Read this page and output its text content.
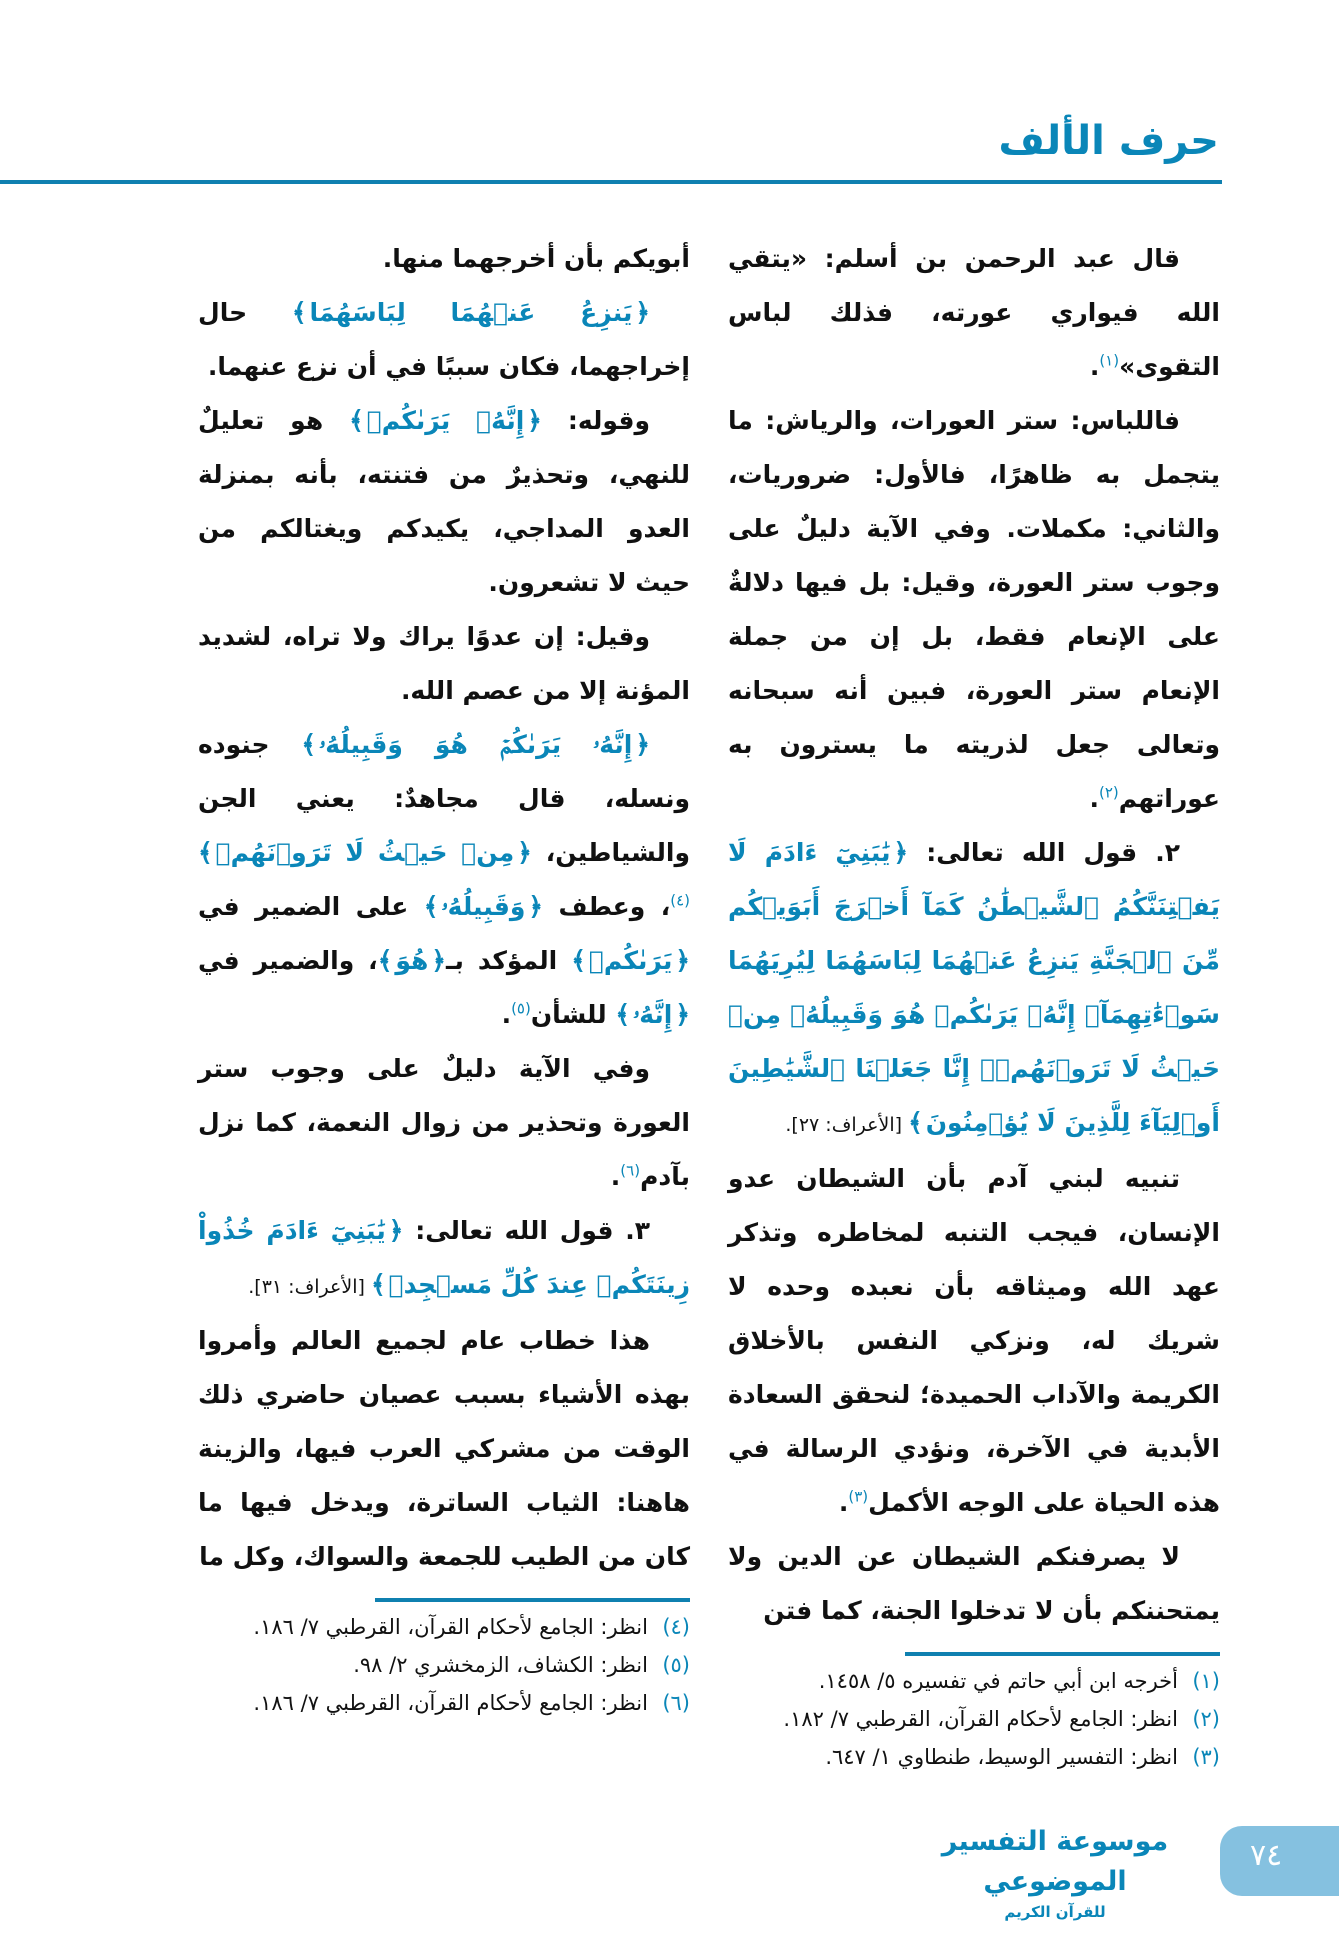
حرف الألف

قال عبد الرحمن بن أسلم: «يتقي الله فيواري عورته، فذلك لباس التقوى»$^{(١)}$.

فاللباس: ستر العورات، والرياش: ما يتجمل به ظاهرًا، فالأول: ضروريات، والثاني: مكملات. وفي الآية دليلٌ على وجوب ستر العورة، وقيل: بل فيها دلالةٌ على الإنعام فقط، بل إن من جملة الإنعام ستر العورة، فبين أنه سبحانه وتعالى جعل لذريته ما يسترون به عوراتهم$^{(٢)}$.

٢. قول الله تعالى: ﴿ يَٰبَنِيٓ ءَادَمَ لَا يَفۡتِنَنَّكُمُ ٱلشَّيۡطَٰنُ كَمَآ أَخۡرَجَ أَبَوَيۡكُم مِّنَ ٱلۡجَنَّةِ يَنزِعُ عَنۡهُمَا لِبَاسَهُمَا لِيُرِيَهُمَا سَوۡءَٰتِهِمَآۚ إِنَّهُۥ يَرَىٰكُمۡ هُوَ وَقَبِيلُهُۥ مِنۡ حَيۡثُ لَا تَرَوۡنَهُمۡۗ إِنَّا جَعَلۡنَا ٱلشَّيَٰطِينَ أَوۡلِيَآءَ لِلَّذِينَ لَا يُؤۡمِنُونَ ﴾ [الأعراف: ٢٧].

تنبيه لبني آدم بأن الشيطان عدو الإنسان، فيجب التنبه لمخاطره وتذكر عهد الله وميثاقه بأن نعبده وحده لا شريك له، ونزكي النفس بالأخلاق الكريمة والآداب الحميدة؛ لنحقق السعادة الأبدية في الآخرة، ونؤدي الرسالة في هذه الحياة على الوجه الأكمل$^{(٣)}$.

لا يصرفنكم الشيطان عن الدين ولا يمتحننكم بأن لا تدخلوا الجنة، كما فتن

(١)أخرجه ابن أبي حاتم في تفسيره ٥/ ١٤٥٨.
(٢)انظر: الجامع لأحكام القرآن، القرطبي ٧/ ١٨٢.
(٣)انظر: التفسير الوسيط، طنطاوي ١/ ٦٤٧.

أبويكم بأن أخرجهما منها.

﴿ يَنزِعُ عَنۡهُمَا لِبَاسَهُمَا ﴾ حال إخراجهما، فكان سببًا في أن نزع عنهما.

وقوله: ﴿ إِنَّهُۥ يَرَىٰكُمۡ ﴾ هو تعليلٌ للنهي، وتحذيرٌ من فتنته، بأنه بمنزلة العدو المداجي، يكيدكم ويغتالكم من حيث لا تشعرون.

وقيل: إن عدوًا يراك ولا تراه، لشديد المؤنة إلا من عصم الله.

﴿ إِنَّهُۥ يَرَىٰكُمۡ هُوَ وَقَبِيلُهُۥ ﴾ جنوده ونسله، قال مجاهدٌ: يعني الجن والشياطين، ﴿ مِنۡ حَيۡثُ لَا تَرَوۡنَهُمۡ ﴾$^{(٤)}$، وعطف ﴿ وَقَبِيلُهُۥ ﴾ على الضمير في ﴿ يَرَىٰكُمۡ ﴾ المؤكد بـ﴿ هُوَ ﴾، والضمير في ﴿ إِنَّهُۥ ﴾ للشأن$^{(٥)}$.

وفي الآية دليلٌ على وجوب ستر العورة وتحذير من زوال النعمة، كما نزل بآدم$^{(٦)}$.

٣. قول الله تعالى: ﴿ يَٰبَنِيٓ ءَادَمَ خُذُواْ زِينَتَكُمۡ عِندَ كُلِّ مَسۡجِدٖ ﴾ [الأعراف: ٣١].

هذا خطاب عام لجميع العالم وأمروا بهذه الأشياء بسبب عصيان حاضري ذلك الوقت من مشركي العرب فيها، والزينة هاهنا: الثياب الساترة، ويدخل فيها ما كان من الطيب للجمعة والسواك، وكل ما

(٤)انظر: الجامع لأحكام القرآن، القرطبي ٧/ ١٨٦.
(٥)انظر: الكشاف، الزمخشري ٢/ ٩٨.
(٦)انظر: الجامع لأحكام القرآن، القرطبي ٧/ ١٨٦.
موسوعة التفسير الموضوعي
للقرآن الكريم
٧٤
